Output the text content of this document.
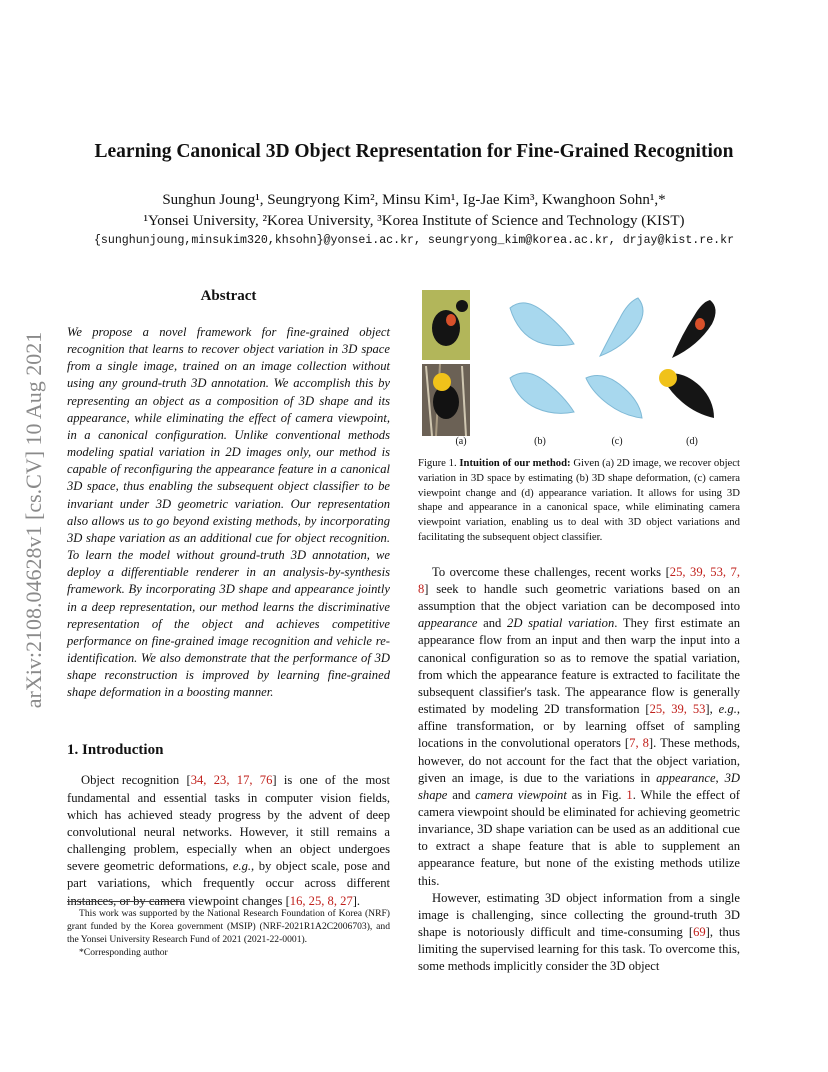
arXiv:2108.04628v1 [cs.CV] 10 Aug 2021
Learning Canonical 3D Object Representation for Fine-Grained Recognition
Sunghun Joung¹, Seungryong Kim², Minsu Kim¹, Ig-Jae Kim³, Kwanghoon Sohn¹,*
¹Yonsei University, ²Korea University, ³Korea Institute of Science and Technology (KIST)
{sunghunjoung,minsukim320,khsohn}@yonsei.ac.kr, seungryong_kim@korea.ac.kr, drjay@kist.re.kr
Abstract
We propose a novel framework for fine-grained object recognition that learns to recover object variation in 3D space from a single image, trained on an image collection without using any ground-truth 3D annotation. We accomplish this by representing an object as a composition of 3D shape and its appearance, while eliminating the effect of camera viewpoint, in a canonical configuration. Unlike conventional methods modeling spatial variation in 2D images only, our method is capable of reconfiguring the appearance feature in a canonical 3D space, thus enabling the subsequent object classifier to be invariant under 3D geometric variation. Our representation also allows us to go beyond existing methods, by incorporating 3D shape variation as an additional cue for object recognition. To learn the model without ground-truth 3D annotation, we deploy a differentiable renderer in an analysis-by-synthesis framework. By incorporating 3D shape and appearance jointly in a deep representation, our method learns the discriminative representation of the object and achieves competitive performance on fine-grained image recognition and vehicle re-identification. We also demonstrate that the performance of 3D shape reconstruction is improved by learning fine-grained shape deformation in a boosting manner.
1. Introduction

Object recognition [34, 23, 17, 76] is one of the most fundamental and essential tasks in computer vision fields, which has achieved steady progress by the advent of deep convolutional neural networks. However, it still remains a challenging problem, especially when an object undergoes severe geometric deformations, e.g., by object scale, pose and part variations, which frequently occur across different instances, or by camera viewpoint changes [16, 25, 8, 27].

This work was supported by the National Research Foundation of Korea (NRF) grant funded by the Korea government (MSIP) (NRF-2021R1A2C2006703), and the Yonsei University Research Fund of 2021 (2021-22-0001).

*Corresponding author

(a)	(b)	(c)	(d)
Figure 1. Intuition of our method: Given (a) 2D image, we recover object variation in 3D space by estimating (b) 3D shape deformation, (c) camera viewpoint change and (d) appearance variation. It allows for using 3D shape and appearance in a canonical space, while eliminating camera viewpoint variation, enabling us to deal with 3D object variations and facilitating the subsequent object classifier.

To overcome these challenges, recent works [25, 39, 53, 7, 8] seek to handle such geometric variations based on an assumption that the object variation can be decomposed into appearance and 2D spatial variation. They first estimate an appearance flow from an input and then warp the input into a canonical configuration so as to remove the spatial variation, from which the appearance feature is extracted to facilitate the subsequent classifier's task. The appearance flow is generally estimated by modeling 2D transformation [25, 39, 53], e.g., affine transformation, or by learning offset of sampling locations in the convolutional operators [7, 8]. These methods, however, do not account for the fact that the object variation, given an image, is due to the variations in appearance, 3D shape and camera viewpoint as in Fig. 1. While the effect of camera viewpoint should be eliminated for achieving geometric invariance, 3D shape variation can be used as an additional cue to extract a shape feature that is able to supplement an appearance feature, but none of the existing methods utilize this.

However, estimating 3D object information from a single image is challenging, since collecting the ground-truth 3D shape is notoriously difficult and time-consuming [69], thus limiting the supervised learning for this task. To overcome this, some methods implicitly consider the 3D object
